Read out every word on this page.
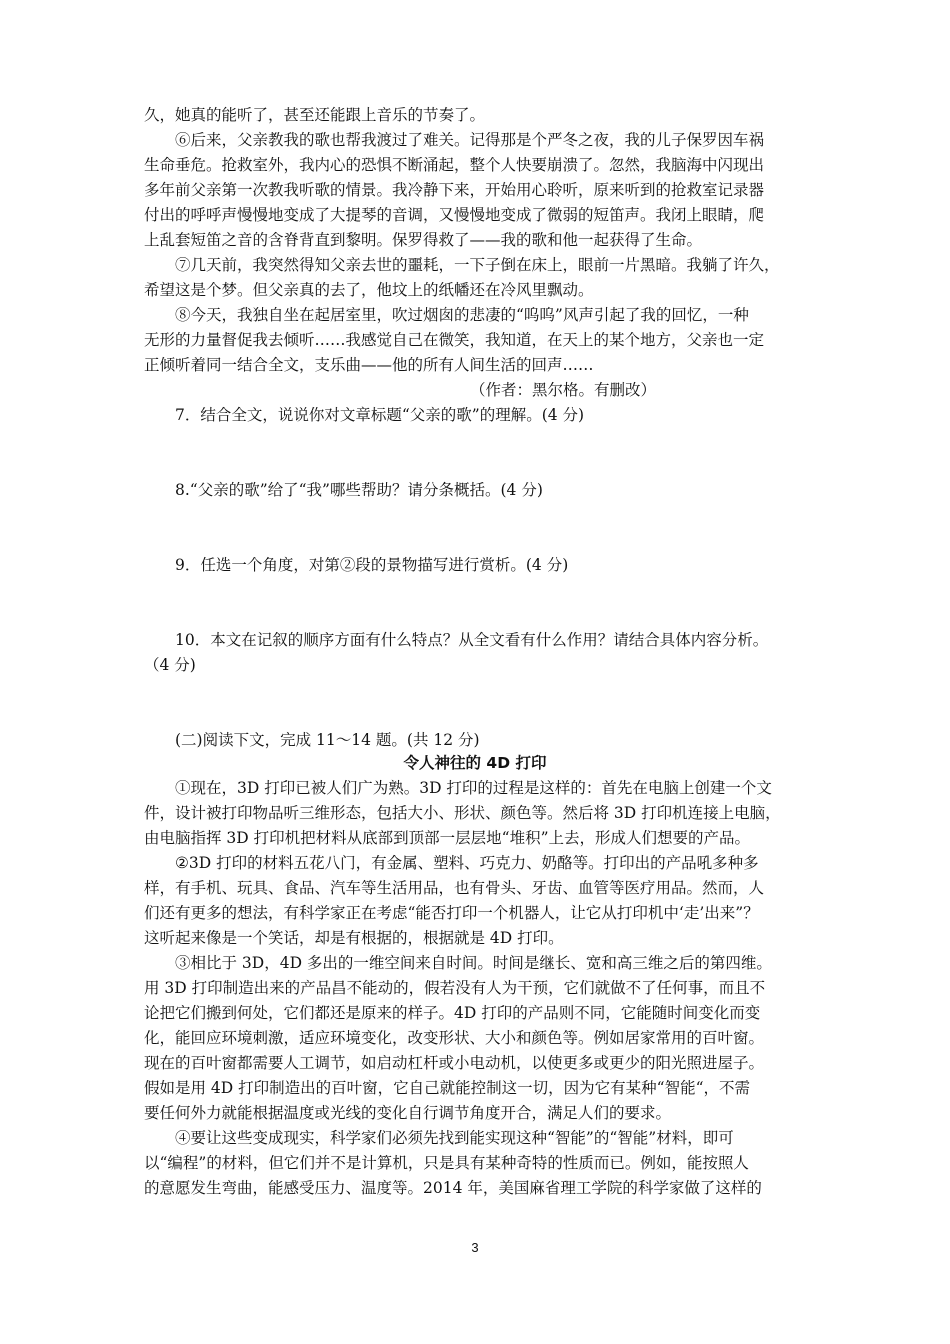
久，她真的能听了，甚至还能跟上音乐的节奏了。
⑥后来，父亲教我的歌也帮我渡过了难关。记得那是个严冬之夜，我的儿子保罗因车祸
生命垂危。抢救室外，我内心的恐惧不断涌起，整个人快要崩溃了。忽然，我脑海中闪现出
多年前父亲第一次教我听歌的情景。我冷静下来，开始用心聆听，原来听到的抢救室记录器
付出的呼呼声慢慢地变成了大提琴的音调，又慢慢地变成了微弱的短笛声。我闭上眼睛，爬
上乱套短笛之音的含脊背直到黎明。保罗得救了——我的歌和他一起获得了生命。
⑦几天前，我突然得知父亲去世的噩耗，一下子倒在床上，眼前一片黑暗。我躺了许久，
希望这是个梦。但父亲真的去了，他坟上的纸幡还在冷风里飘动。
⑧今天，我独自坐在起居室里，吹过烟囱的悲凄的“呜呜”风声引起了我的回忆，一种
无形的力量督促我去倾听……我感觉自己在微笑，我知道，在天上的某个地方，父亲也一定
正倾听着同一结合全文，支乐曲——他的所有人间生活的回声……
（作者：黑尔格。有删改）
7．结合全文，说说你对文章标题“父亲的歌”的理解。(4 分)
8.“父亲的歌”给了“我”哪些帮助？请分条概括。(4 分)
9．任选一个角度，对第②段的景物描写进行赏析。(4 分)
10．本文在记叙的顺序方面有什么特点？从全文看有什么作用？请结合具体内容分析。
（4 分)
(二)阅读下文，完成 11～14 题。(共 12 分)
令人神往的 4D 打印
①现在，3D 打印已被人们广为熟。3D 打印的过程是这样的：首先在电脑上创建一个文
件，设计被打印物品听三维形态，包括大小、形状、颜色等。然后将 3D 打印机连接上电脑，
由电脑指挥 3D 打印机把材料从底部到顶部一层层地“堆积”上去，形成人们想要的产品。
②3D 打印的材料五花八门，有金属、塑料、巧克力、奶酪等。打印出的产品吼多种多
样，有手机、玩具、食品、汽车等生活用品，也有骨头、牙齿、血管等医疗用品。然而，人
们还有更多的想法，有科学家正在考虑“能否打印一个机器人，让它从打印机中‘走’出来”？
这听起来像是一个笑话，却是有根据的，根据就是 4D 打印。
③相比于 3D，4D 多出的一维空间来自时间。时间是继长、宽和高三维之后的第四维。
用 3D 打印制造出来的产品昌不能动的，假若没有人为干预，它们就做不了任何事，而且不
论把它们搬到何处，它们都还是原来的样子。4D 打印的产品则不同，它能随时间变化而变
化，能回应环境刺激，适应环境变化，改变形状、大小和颜色等。例如居家常用的百叶窗。
现在的百叶窗都需要人工调节，如启动杠杆或小电动机，以使更多或更少的阳光照进屋子。
假如是用 4D 打印制造出的百叶窗，它自己就能控制这一切，因为它有某种“智能“，不需
要任何外力就能根据温度或光线的变化自行调节角度开合，满足人们的要求。
④要让这些变成现实，科学家们必须先找到能实现这种“智能”的“智能”材料，即可
以“编程”的材料，但它们并不是计算机，只是具有某种奇特的性质而已。例如，能按照人
的意愿发生弯曲，能感受压力、温度等。2014 年，美国麻省理工学院的科学家做了这样的
3
